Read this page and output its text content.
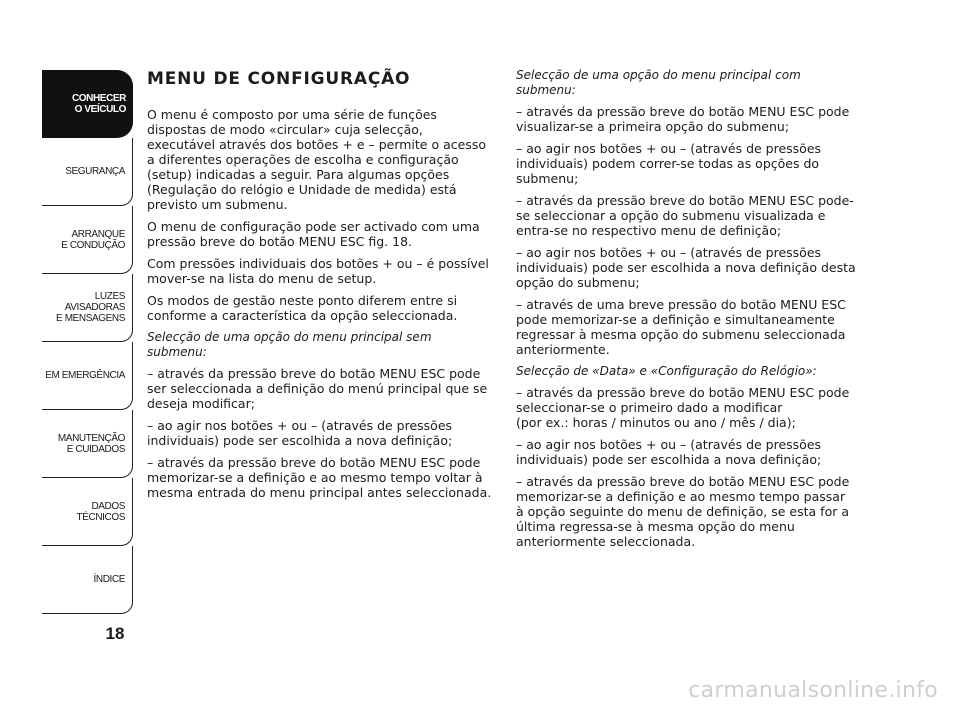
CONHECER
O VEÍCULO
SEGURANÇA
ARRANQUE
E CONDUÇÃO
LUZES
AVISADORAS
E MENSAGENS
EM EMERGÊNCIA
MANUTENÇÃO
E CUIDADOS
DADOS
TÉCNICOS
ÍNDICE
18
MENU DE CONFIGURAÇÃO

O menu é composto por uma série de funções dispostas de modo «circular» cuja selecção, executável através dos botões + e – permite o acesso a diferentes operações de escolha e configuração (setup) indicadas a seguir. Para algumas opções (Regulação do relógio e Unidade de medida) está previsto um submenu.

O menu de configuração pode ser activado com uma pressão breve do botão MENU ESC fig. 18.

Com pressões individuais dos botões + ou – é possível mover-se na lista do menu de setup.

Os modos de gestão neste ponto diferem entre si conforme a característica da opção seleccionada.

Selecção de uma opção do menu principal sem submenu:

– através da pressão breve do botão MENU ESC pode ser seleccionada a definição do menú principal que se deseja modificar;

– ao agir nos botões + ou – (através de pressões individuais) pode ser escolhida a nova definição;

– através da pressão breve do botão MENU ESC pode memorizar-se a definição e ao mesmo tempo voltar à mesma entrada do menu principal antes seleccionada.

Selecção de uma opção do menu principal com submenu:

– através da pressão breve do botão MENU ESC pode visualizar-se a primeira opção do submenu;

– ao agir nos botões + ou – (através de pressões individuais) podem correr-se todas as opções do submenu;

– através da pressão breve do botão MENU ESC pode-se seleccionar a opção do submenu visualizada e entra-se no respectivo menu de definição;

– ao agir nos botões + ou – (através de pressões individuais) pode ser escolhida a nova definição desta opção do submenu;

– através de uma breve pressão do botão MENU ESC pode memorizar-se a definição e simultaneamente regressar à mesma opção do submenu seleccionada anteriormente.

Selecção de «Data» e «Configuração do Relógio»:

– através da pressão breve do botão MENU ESC pode seleccionar-se o primeiro dado a modificar
(por ex.: horas / minutos ou ano / mês / dia);

– ao agir nos botões + ou – (através de pressões individuais) pode ser escolhida a nova definição;

– através da pressão breve do botão MENU ESC pode memorizar-se a definição e ao mesmo tempo passar
à opção seguinte do menu de definição, se esta for a última regressa-se à mesma opção do menu
anteriormente seleccionada.

carmanualsonline.info
